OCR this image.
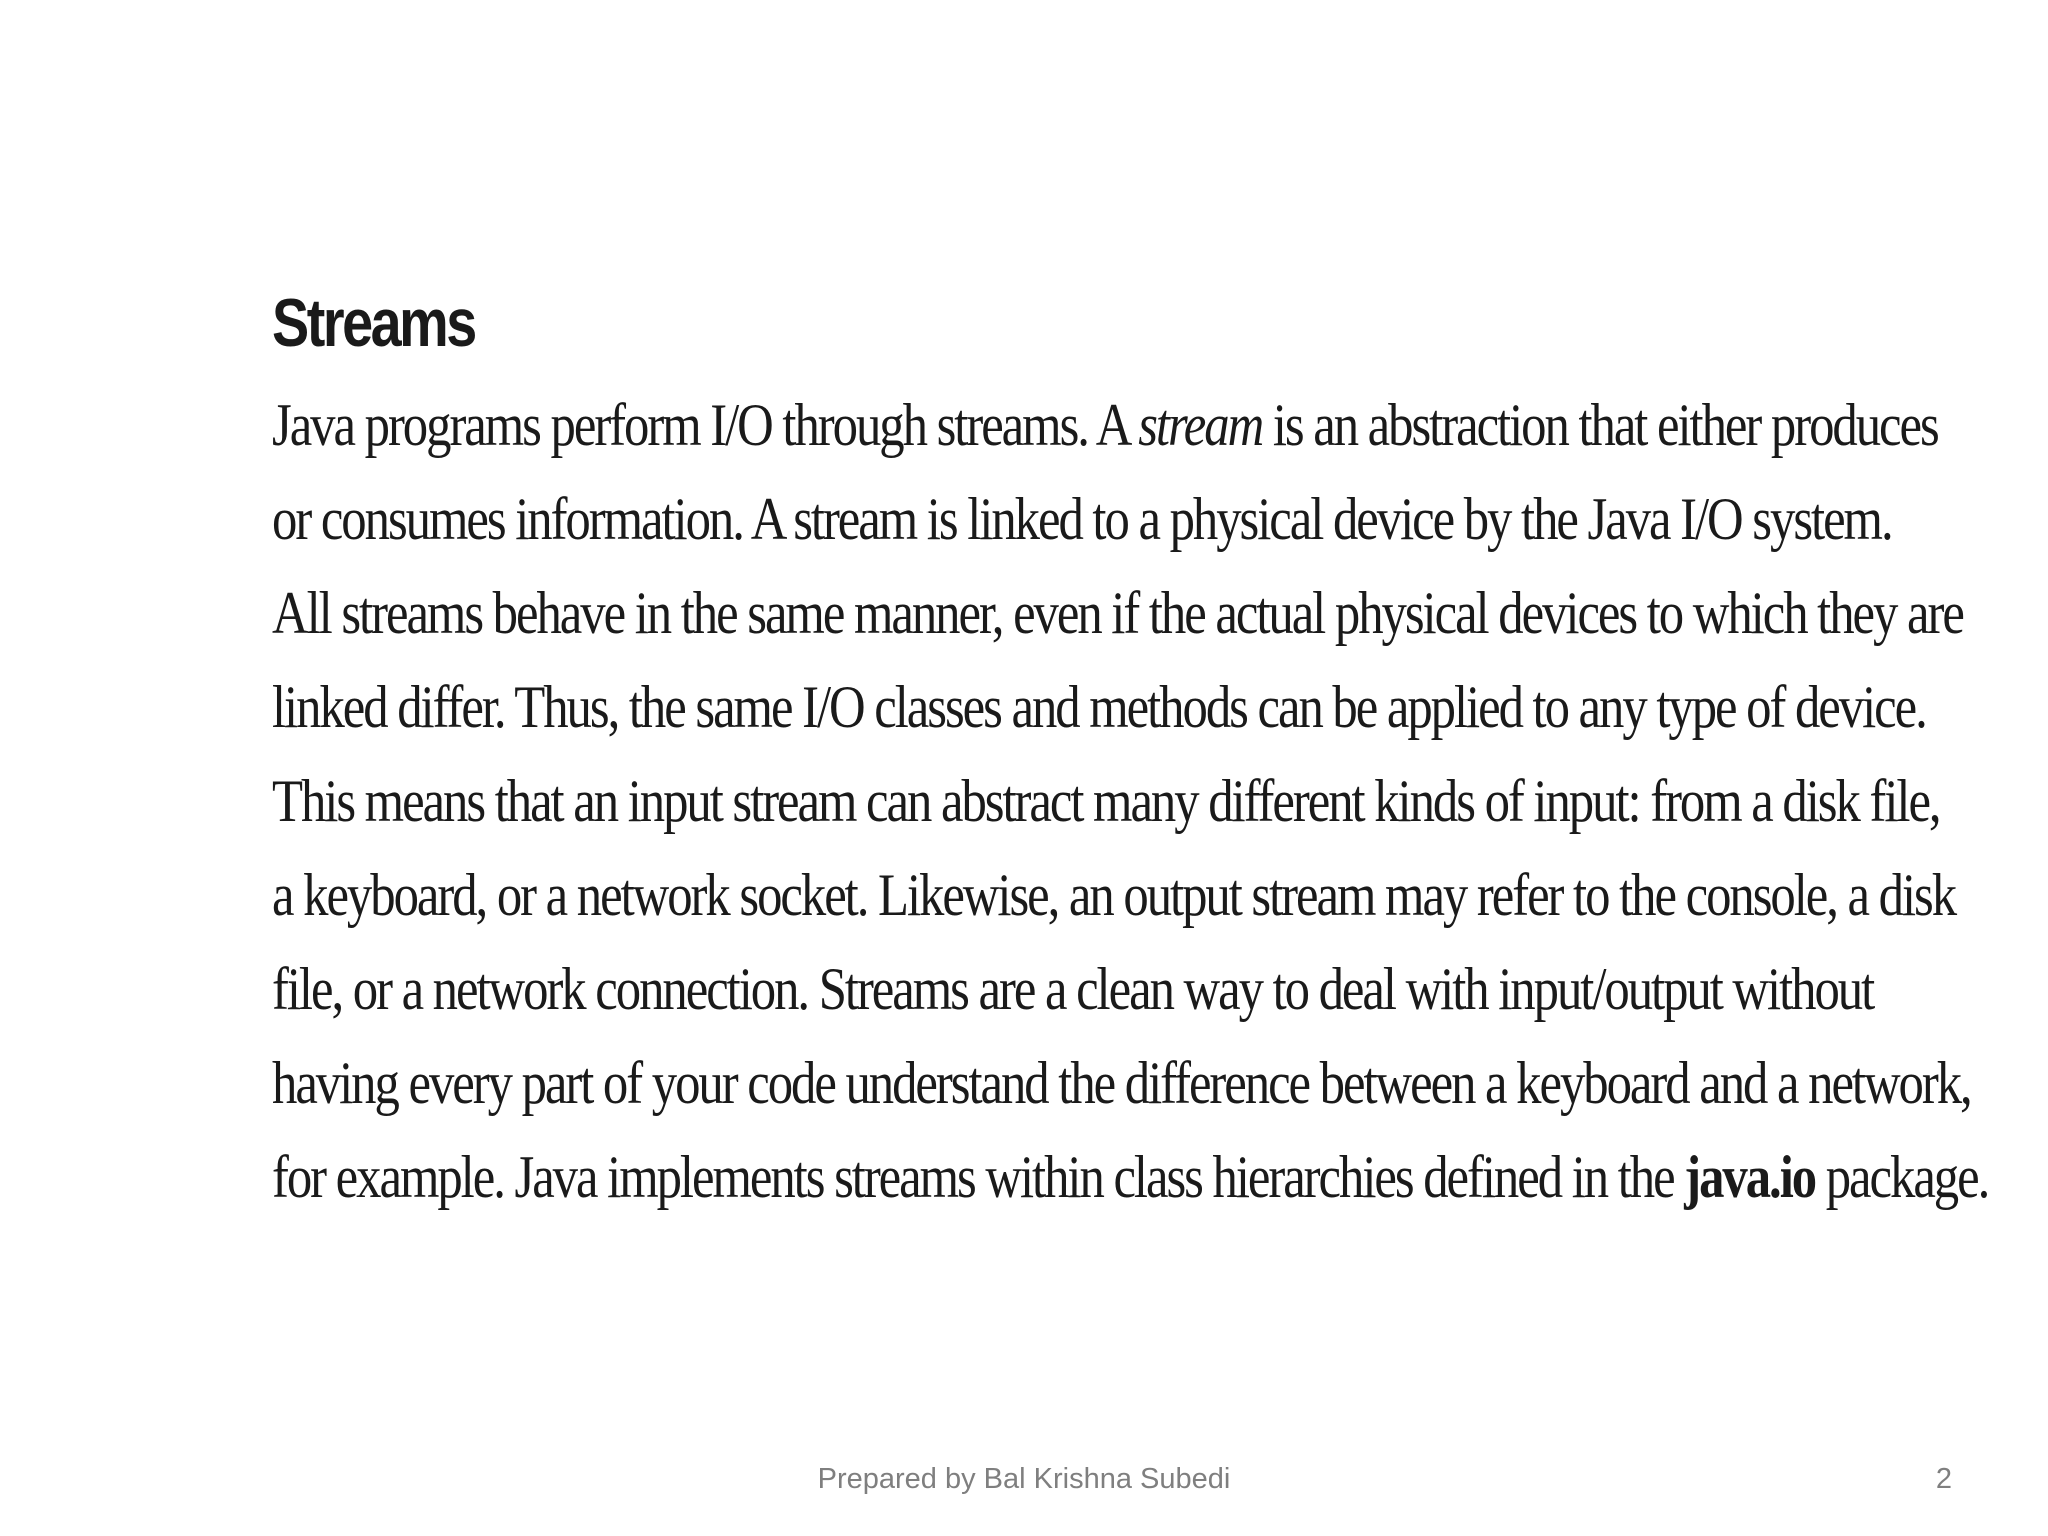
Streams
Java programs perform I/O through streams. A stream is an abstraction that either produces
or consumes information. A stream is linked to a physical device by the Java I/O system.
All streams behave in the same manner, even if the actual physical devices to which they are
linked differ. Thus, the same I/O classes and methods can be applied to any type of device.
This means that an input stream can abstract many different kinds of input: from a disk file,
a keyboard, or a network socket. Likewise, an output stream may refer to the console, a disk
file, or a network connection. Streams are a clean way to deal with input/output without
having every part of your code understand the difference between a keyboard and a network,
for example. Java implements streams within class hierarchies defined in the java.io package.
Prepared by Bal Krishna Subedi	2
